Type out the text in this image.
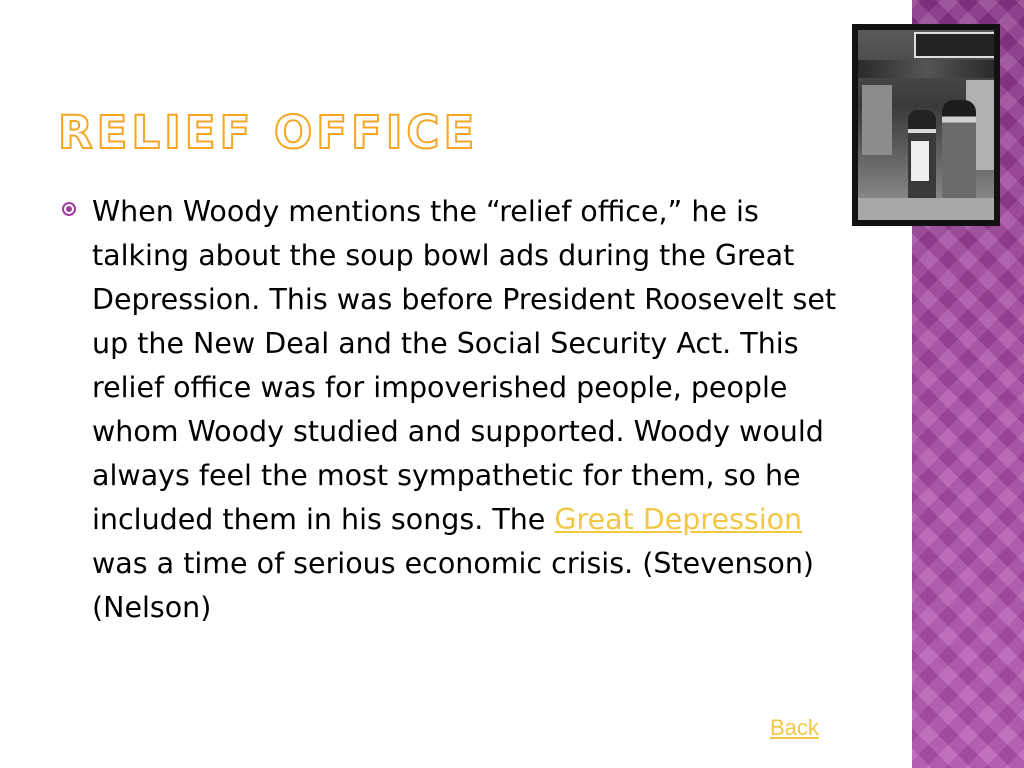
RELIEF OFFICE

When Woody mentions the “relief office,” he is talking about the soup bowl ads during the Great Depression. This was before President Roosevelt set up the New Deal and the Social Security Act. This relief office was for impoverished people, people whom Woody studied and supported. Woody would always feel the most sympathetic for them, so he included them in his songs. The Great Depression was a time of serious economic crisis. (Stevenson) (Nelson)

Back
